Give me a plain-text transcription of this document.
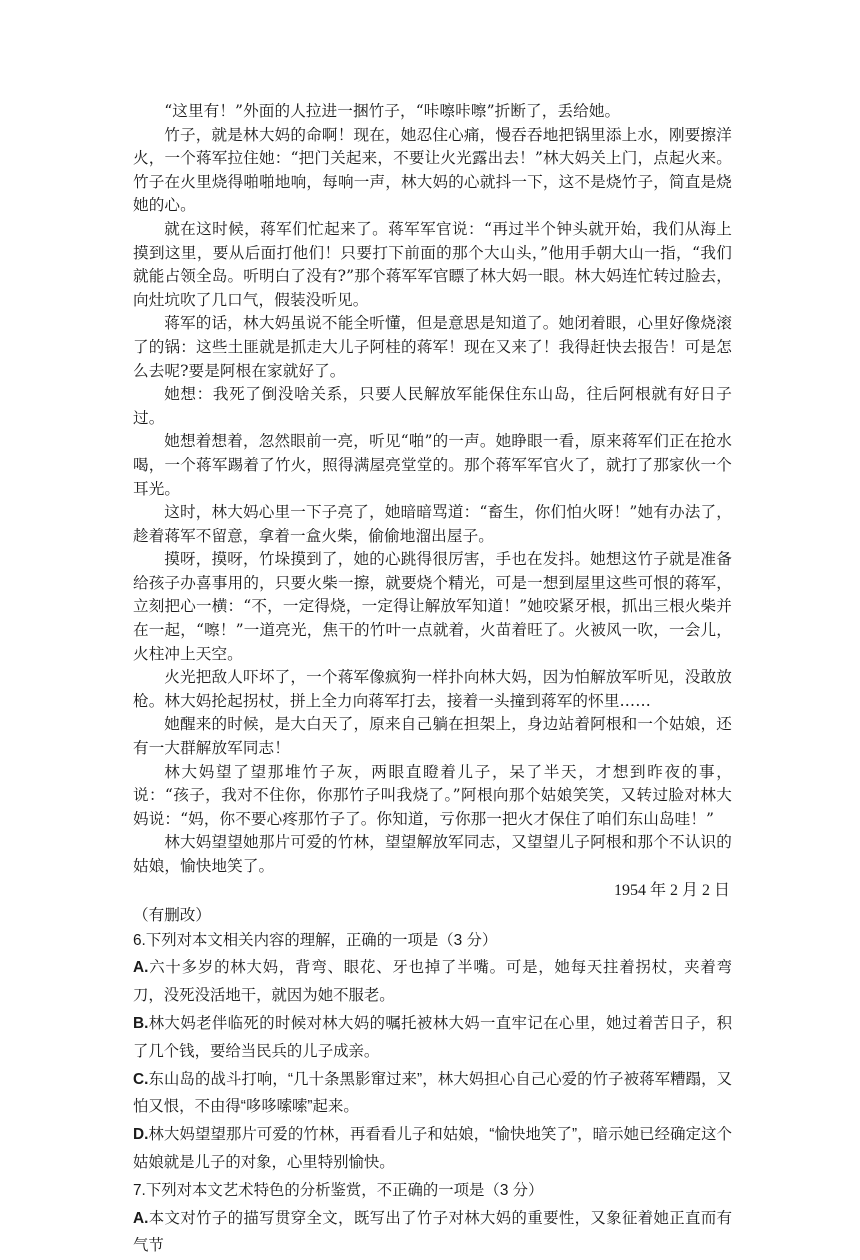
“这里有！”外面的人拉进一捆竹子，“咔嚓咔嚓”折断了，丢给她。

竹子，就是林大妈的命啊！现在，她忍住心痛，慢吞吞地把锅里添上水，刚要擦洋火，一个蒋军拉住她：“把门关起来，不要让火光露出去！”林大妈关上门，点起火来。竹子在火里烧得啪啪地响，每响一声，林大妈的心就抖一下，这不是烧竹子，简直是烧她的心。

就在这时候，蒋军们忙起来了。蒋军军官说：“再过半个钟头就开始，我们从海上摸到这里，要从后面打他们！只要打下前面的那个大山头，”他用手朝大山一指，“我们就能占领全岛。听明白了没有?”那个蒋军军官瞟了林大妈一眼。林大妈连忙转过脸去，向灶坑吹了几口气，假装没听见。

蒋军的话，林大妈虽说不能全听懂，但是意思是知道了。她闭着眼，心里好像烧滚了的锅：这些土匪就是抓走大儿子阿桂的蒋军！现在又来了！我得赶快去报告！可是怎么去呢?要是阿根在家就好了。

她想：我死了倒没啥关系，只要人民解放军能保住东山岛，往后阿根就有好日子过。

她想着想着，忽然眼前一亮，听见“啪”的一声。她睁眼一看，原来蒋军们正在抢水喝，一个蒋军踢着了竹火，照得满屋亮堂堂的。那个蒋军军官火了，就打了那家伙一个耳光。

这时，林大妈心里一下子亮了，她暗暗骂道：“畜生，你们怕火呀！”她有办法了，趁着蒋军不留意，拿着一盒火柴，偷偷地溜出屋子。

摸呀，摸呀，竹垛摸到了，她的心跳得很厉害，手也在发抖。她想这竹子就是准备给孩子办喜事用的，只要火柴一擦，就要烧个精光，可是一想到屋里这些可恨的蒋军，立刻把心一横：“不，一定得烧，一定得让解放军知道！”她咬紧牙根，抓出三根火柴并在一起，“嚓！”一道亮光，焦干的竹叶一点就着，火苗着旺了。火被风一吹，一会儿，火柱冲上天空。

火光把敌人吓坏了，一个蒋军像疯狗一样扑向林大妈，因为怕解放军听见，没敢放枪。林大妈抡起拐杖，拼上全力向蒋军打去，接着一头撞到蒋军的怀里……

她醒来的时候，是大白天了，原来自己躺在担架上，身边站着阿根和一个姑娘，还有一大群解放军同志！

林大妈望了望那堆竹子灰，两眼直瞪着儿子，呆了半天，才想到昨夜的事，说：“孩子，我对不住你，你那竹子叫我烧了。”阿根向那个姑娘笑笑，又转过脸对林大妈说：“妈，你不要心疼那竹子了。你知道，亏你那一把火才保住了咱们东山岛哇！”

林大妈望望她那片可爱的竹林，望望解放军同志，又望望儿子阿根和那个不认识的姑娘，愉快地笑了。

1954 年 2 月 2 日

（有删改）

6.下列对本文相关内容的理解，正确的一项是（3 分）

A.六十多岁的林大妈，背弯、眼花、牙也掉了半嘴。可是，她每天拄着拐杖，夹着弯刀，没死没活地干，就因为她不服老。

B.林大妈老伴临死的时候对林大妈的嘱托被林大妈一直牢记在心里，她过着苦日子，积了几个钱，要给当民兵的儿子成亲。

C.东山岛的战斗打响，“几十条黑影窜过来”，林大妈担心自己心爱的竹子被蒋军糟蹋，又怕又恨，不由得“哆哆嗦嗦”起来。

D.林大妈望望那片可爱的竹林，再看看儿子和姑娘，“愉快地笑了”，暗示她已经确定这个姑娘就是儿子的对象，心里特别愉快。

7.下列对本文艺术特色的分析鉴赏，不正确的一项是（3 分）

A.本文对竹子的描写贯穿全文，既写出了竹子对林大妈的重要性，又象征着她正直而有气节
